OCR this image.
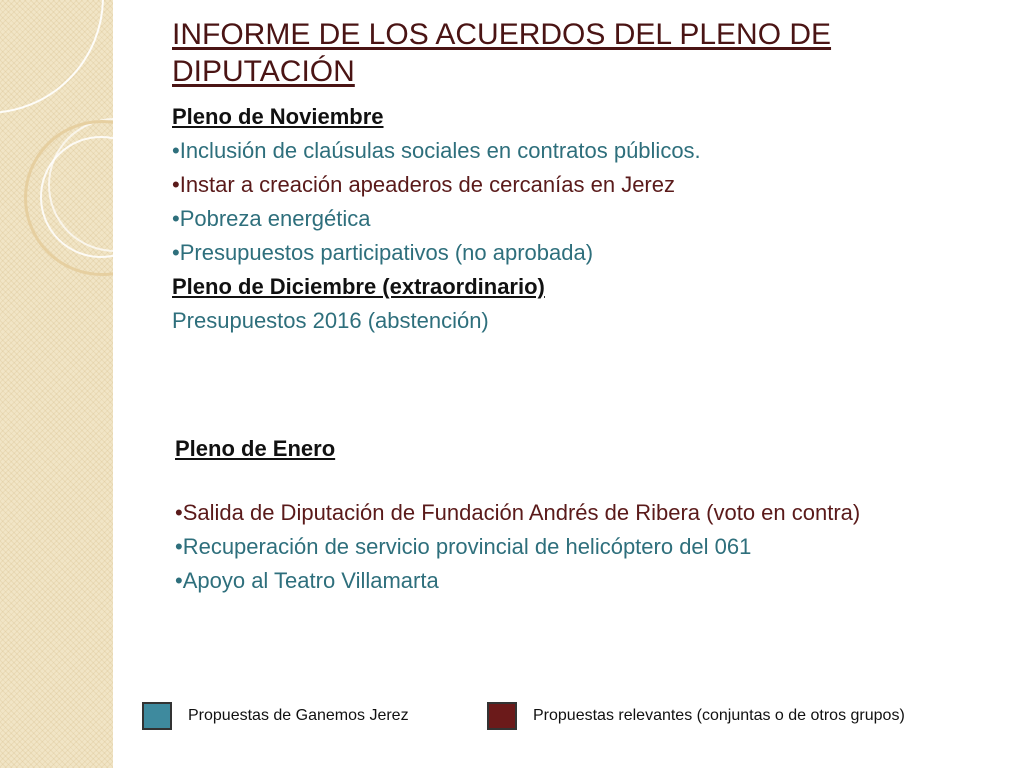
INFORME DE LOS ACUERDOS DEL PLENO DE DIPUTACIÓN

Pleno de Noviembre

•Inclusión de claúsulas sociales en contratos públicos.

•Instar a creación apeaderos de cercanías en Jerez

•Pobreza energética

•Presupuestos participativos (no aprobada)

Pleno de Diciembre (extraordinario)

Presupuestos 2016 (abstención)

Pleno de Enero

•Salida de Diputación de Fundación Andrés de Ribera (voto en contra)

•Recuperación de servicio provincial de helicóptero del 061

•Apoyo al Teatro Villamarta

Propuestas de Ganemos Jerez	Propuestas relevantes (conjuntas o de otros grupos)
